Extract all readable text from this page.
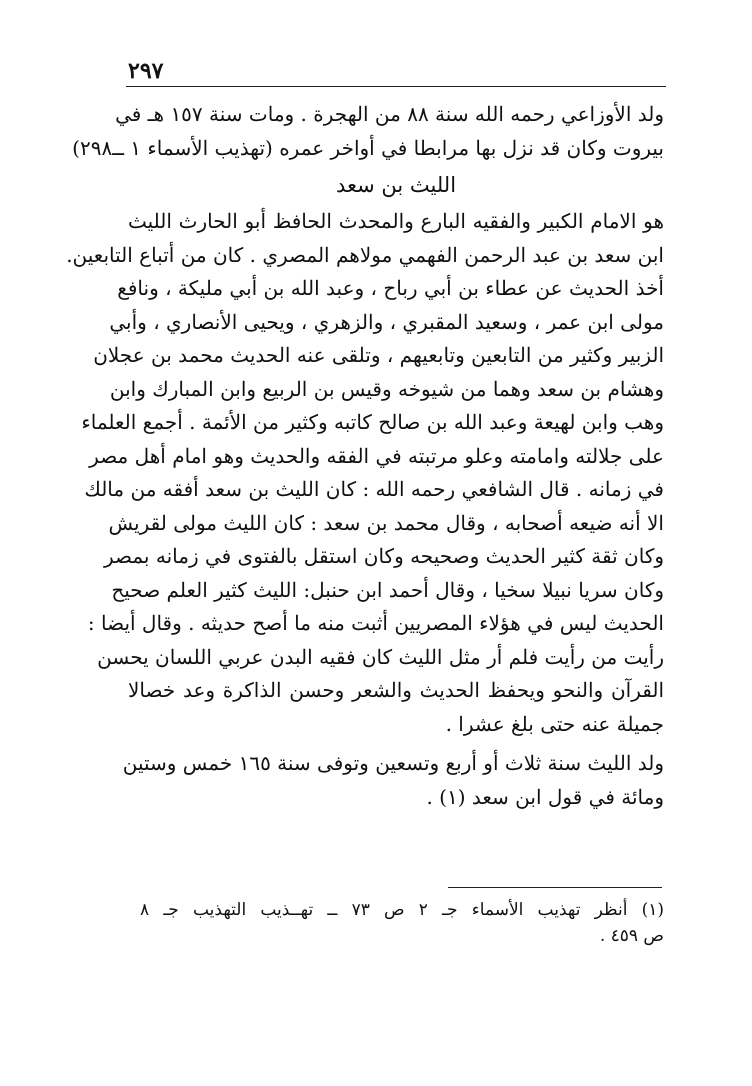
٢٩٧
ولد الأوزاعي رحمه الله سنة ٨٨ من الهجرة . ومات سنة ١٥٧ هـ في
بيروت وكان قد نزل بها مرابطا في أواخر عمره (تهذيب الأسماء ١ ــ٢٩٨)
الليث بن سعد
هو الامام الكبير والفقيه البارع والمحدث الحافظ أبو الحارث الليث
ابن سعد بن عبد الرحمن الفهمي مولاهم المصري . كان من أتباع التابعين.
أخذ الحديث عن عطاء بن أبي رباح ، وعبد الله بن أبي مليكة ، ونافع
مولى ابن عمر ، وسعيد المقبري ، والزهري ، ويحيى الأنصاري ، وأبي
الزبير وكثير من التابعين وتابعيهم ، وتلقى عنه الحديث محمد بن عجلان
وهشام بن سعد وهما من شيوخه وقيس بن الربيع وابن المبارك وابن
وهب وابن لهيعة وعبد الله بن صالح كاتبه وكثير من الأئمة . أجمع العلماء
على جلالته وامامته وعلو مرتبته في الفقه والحديث وهو امام أهل مصر
في زمانه . قال الشافعي رحمه الله : كان الليث بن سعد أفقه من مالك
الا أنه ضيعه أصحابه ، وقال محمد بن سعد : كان الليث مولى لقريش
وكان ثقة كثير الحديث وصحيحه وكان استقل بالفتوى في زمانه بمصر
وكان سريا نبيلا سخيا ، وقال أحمد ابن حنبل: الليث كثير العلم صحيح
الحديث ليس في هؤلاء المصريين أثبت منه ما أصح حديثه . وقال أيضا :
رأيت من رأيت فلم أر مثل الليث كان فقيه البدن عربي اللسان يحسن
القرآن والنحو ويحفظ الحديث والشعر وحسن الذاكرة وعد خصالا
جميلة عنه حتى بلغ عشرا .
ولد الليث سنة ثلاث أو أربع وتسعين وتوفى سنة ١٦٥ خمس وستين
ومائة في قول ابن سعد (١) .
(١) أنظر تهذيب الأسماء جـ ٢ ص ٧٣ ــ تهــذيب التهذيب جـ ٨
ص ٤٥٩ .
